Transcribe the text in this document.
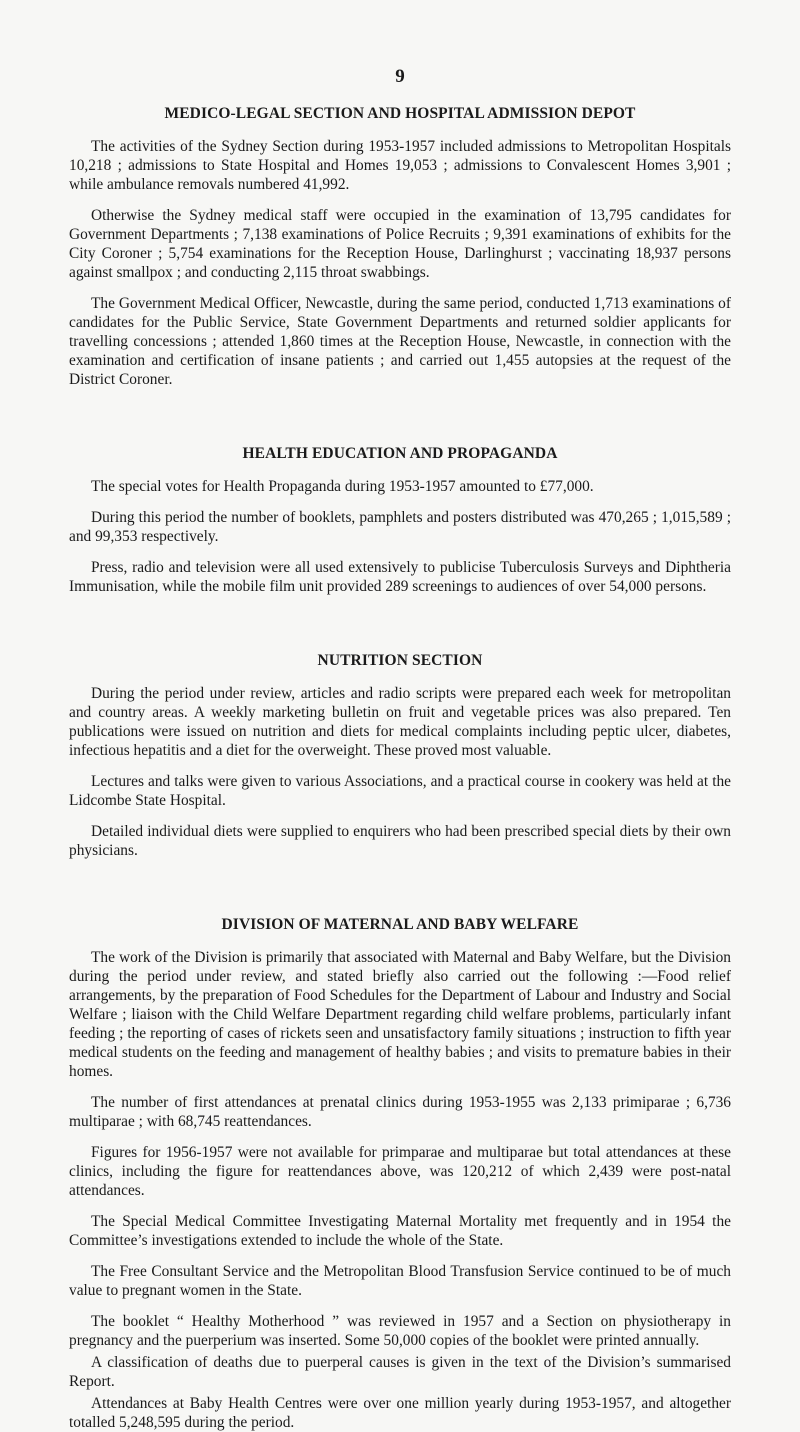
9
MEDICO-LEGAL SECTION AND HOSPITAL ADMISSION DEPOT

The activities of the Sydney Section during 1953-1957 included admissions to Metropolitan Hospitals 10,218 ; admissions to State Hospital and Homes 19,053 ; admissions to Convalescent Homes 3,901 ; while ambulance removals numbered 41,992.

Otherwise the Sydney medical staff were occupied in the examination of 13,795 candidates for Government Departments ; 7,138 examinations of Police Recruits ; 9,391 examinations of exhibits for the City Coroner ; 5,754 examinations for the Reception House, Darlinghurst ; vaccinating 18,937 persons against smallpox ; and conducting 2,115 throat swabbings.

The Government Medical Officer, Newcastle, during the same period, conducted 1,713 examinations of candidates for the Public Service, State Government Departments and returned soldier applicants for travelling concessions ; attended 1,860 times at the Reception House, Newcastle, in connection with the examination and certification of insane patients ; and carried out 1,455 autopsies at the request of the District Coroner.

HEALTH EDUCATION AND PROPAGANDA

The special votes for Health Propaganda during 1953-1957 amounted to £77,000.

During this period the number of booklets, pamphlets and posters distributed was 470,265 ; 1,015,589 ; and 99,353 respectively.

Press, radio and television were all used extensively to publicise Tuberculosis Surveys and Diphtheria Immunisation, while the mobile film unit provided 289 screenings to audiences of over 54,000 persons.

NUTRITION SECTION

During the period under review, articles and radio scripts were prepared each week for metropolitan and country areas. A weekly marketing bulletin on fruit and vegetable prices was also prepared. Ten publications were issued on nutrition and diets for medical complaints including peptic ulcer, diabetes, infectious hepatitis and a diet for the overweight. These proved most valuable.

Lectures and talks were given to various Associations, and a practical course in cookery was held at the Lidcombe State Hospital.

Detailed individual diets were supplied to enquirers who had been prescribed special diets by their own physicians.

DIVISION OF MATERNAL AND BABY WELFARE

The work of the Division is primarily that associated with Maternal and Baby Welfare, but the Division during the period under review, and stated briefly also carried out the following :—Food relief arrangements, by the preparation of Food Schedules for the Department of Labour and Industry and Social Welfare ; liaison with the Child Welfare Department regarding child welfare problems, particularly infant feeding ; the reporting of cases of rickets seen and unsatisfactory family situations ; instruction to fifth year medical students on the feeding and management of healthy babies ; and visits to premature babies in their homes.

The number of first attendances at prenatal clinics during 1953-1955 was 2,133 primiparae ; 6,736 multiparae ; with 68,745 reattendances.

Figures for 1956-1957 were not available for primparae and multiparae but total attendances at these clinics, including the figure for reattendances above, was 120,212 of which 2,439 were post-natal attendances.

The Special Medical Committee Investigating Maternal Mortality met frequently and in 1954 the Committee’s investigations extended to include the whole of the State.

The Free Consultant Service and the Metropolitan Blood Transfusion Service continued to be of much value to pregnant women in the State.

The booklet “ Healthy Motherhood ” was reviewed in 1957 and a Section on physiotherapy in pregnancy and the puerperium was inserted. Some 50,000 copies of the booklet were printed annually.

A classification of deaths due to puerperal causes is given in the text of the Division’s summarised Report.

Attendances at Baby Health Centres were over one million yearly during 1953-1957, and altogether totalled 5,248,595 during the period.
